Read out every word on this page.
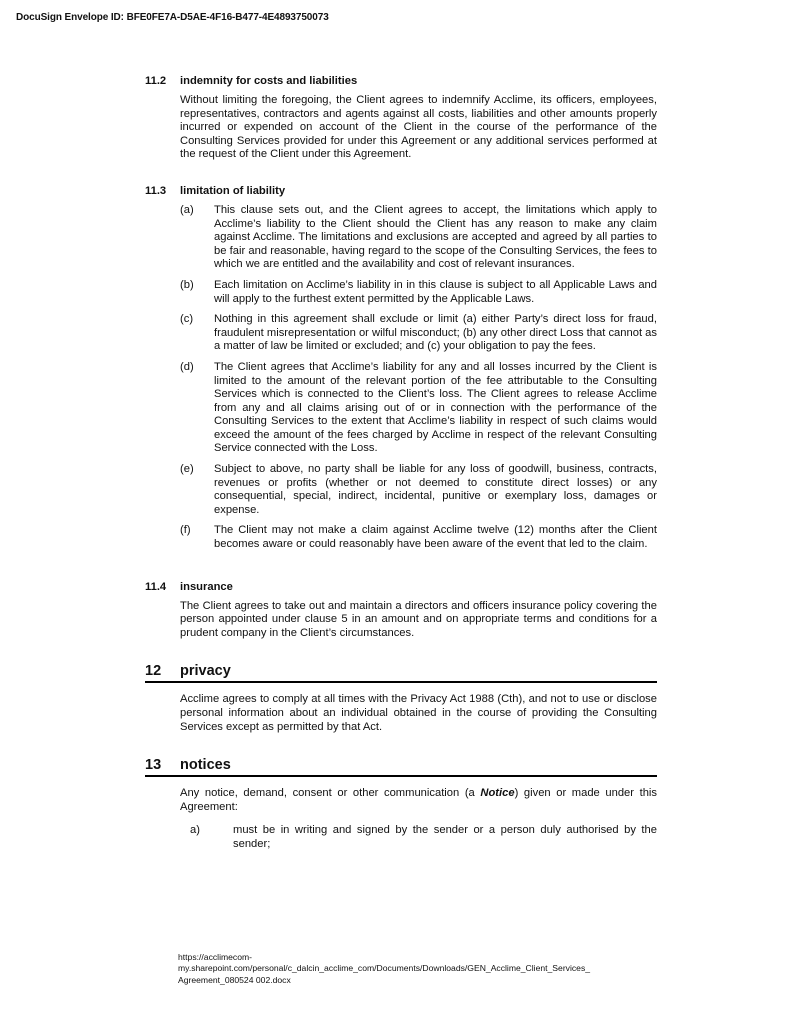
DocuSign Envelope ID: BFE0FE7A-D5AE-4F16-B477-4E4893750073
11.2	indemnity for costs and liabilities
Without limiting the foregoing, the Client agrees to indemnify Acclime, its officers, employees, representatives, contractors and agents against all costs, liabilities and other amounts properly incurred or expended on account of the Client in the course of the performance of the Consulting Services provided for under this Agreement or any additional services performed at the request of the Client under this Agreement.
11.3	limitation of liability
(a)	This clause sets out, and the Client agrees to accept, the limitations which apply to Acclime’s liability to the Client should the Client has any reason to make any claim against Acclime. The limitations and exclusions are accepted and agreed by all parties to be fair and reasonable, having regard to the scope of the Consulting Services, the fees to which we are entitled and the availability and cost of relevant insurances.
(b)	Each limitation on Acclime’s liability in in this clause is subject to all Applicable Laws and will apply to the furthest extent permitted by the Applicable Laws.
(c)	Nothing in this agreement shall exclude or limit (a) either Party’s direct loss for fraud, fraudulent misrepresentation or wilful misconduct; (b) any other direct Loss that cannot as a matter of law be limited or excluded; and (c) your obligation to pay the fees.
(d)	The Client agrees that Acclime’s liability for any and all losses incurred by the Client is limited to the amount of the relevant portion of the fee attributable to the Consulting Services which is connected to the Client’s loss. The Client agrees to release Acclime from any and all claims arising out of or in connection with the performance of the Consulting Services to the extent that Acclime’s liability in respect of such claims would exceed the amount of the fees charged by Acclime in respect of the relevant Consulting Service connected with the Loss.
(e)	Subject to above, no party shall be liable for any loss of goodwill, business, contracts, revenues or profits (whether or not deemed to constitute direct losses) or any consequential, special, indirect, incidental, punitive or exemplary loss, damages or expense.
(f)	The Client may not make a claim against Acclime twelve (12) months after the Client becomes aware or could reasonably have been aware of the event that led to the claim.
11.4	insurance
The Client agrees to take out and maintain a directors and officers insurance policy covering the person appointed under clause 5 in an amount and on appropriate terms and conditions for a prudent company in the Client’s circumstances.
12	privacy
Acclime agrees to comply at all times with the Privacy Act 1988 (Cth), and not to use or disclose personal information about an individual obtained in the course of providing the Consulting Services except as permitted by that Act.
13	notices
Any notice, demand, consent or other communication (a Notice) given or made under this Agreement:
a)	must be in writing and signed by the sender or a person duly authorised by the sender;
https://acclimecom-
my.sharepoint.com/personal/c_dalcin_acclime_com/Documents/Downloads/GEN_Acclime_Client_Services_
Agreement_080524 002.docx
